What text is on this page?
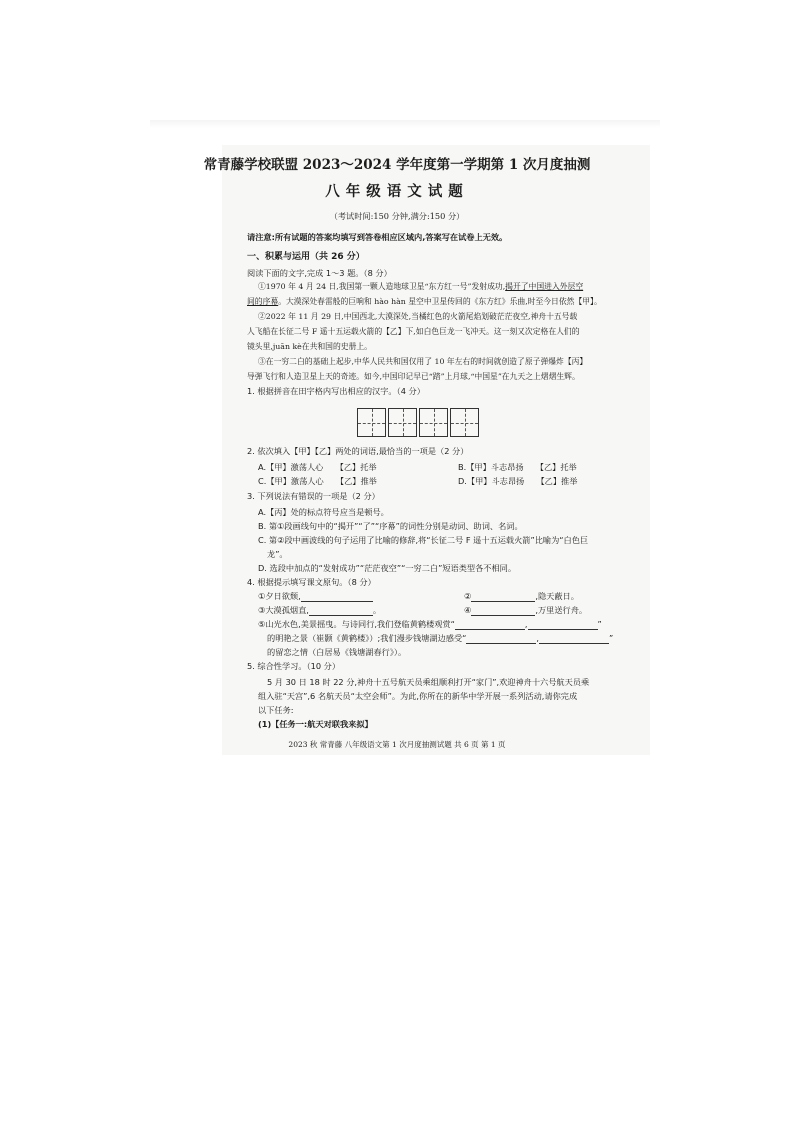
常青藤学校联盟 2023～2024 学年度第一学期第 1 次月度抽测
八年级语文试题
（考试时间:150 分钟,满分:150 分）
请注意:所有试题的答案均填写到答卷相应区域内,答案写在试卷上无效。
一、积累与运用（共 26 分）
阅读下面的文字,完成 1～3 题。（8 分）
①1970 年 4 月 24 日,我国第一颗人造地球卫星“东方红一号”发射成功,揭开了中国进入外层空
间的序幕。大漠深处春雷般的巨响和 hào hàn 星空中卫星传回的《东方红》乐曲,时至今日依然【甲】。
②2022 年 11 月 29 日,中国西北,大漠深处,当橘红色的火箭尾焰划破茫茫夜空,神舟十五号载
人飞船在长征二号 F 遥十五运载火箭的【乙】下,如白色巨龙一飞冲天。这一刻又次定格在人们的
镜头里,juān kè在共和国的史册上。
③在一穷二白的基础上起步,中华人民共和国仅用了 10 年左右的时间就创造了原子弹爆炸【丙】
导弹飞行和人造卫星上天的奇迹。如今,中国印记早已“踏”上月球,“中国星”在九天之上熠熠生辉。
1. 根据拼音在田字格内写出相应的汉字。（4 分）
2. 依次填入【甲】【乙】两处的词语,最恰当的一项是（2 分）
A.【甲】激荡人心　　【乙】托举	B.【甲】斗志昂扬　　【乙】托举
C.【甲】激荡人心　　【乙】推举	D.【甲】斗志昂扬　　【乙】推举
3. 下列说法有错误的一项是（2 分）
A.【丙】处的标点符号应当是顿号。
B. 第①段画线句中的“揭开”“了”“序幕”的词性分别是动词、助词、名词。
C. 第②段中画波线的句子运用了比喻的修辞,将“长征二号 F 遥十五运载火箭”比喻为“白色巨
龙”。
D. 选段中加点的“发射成功”“茫茫夜空”“一穷二白”短语类型各不相同。
4. 根据提示填写课文原句。（8 分）
①夕日欲颓,	②	,隐天蔽日。
③大漠孤烟直,	。	④	,万里送行舟。
⑤山光水色,美景摇曳。与诗同行,我们登临黄鹤楼观赏“	,	”
的明艳之景（崔颢《黄鹤楼》）;我们漫步钱塘湖边感受“	,	”
的留恋之情（白居易《钱塘湖春行》）。
5. 综合性学习。（10 分）
5 月 30 日 18 时 22 分,神舟十五号航天员乘组顺利打开“家门”,欢迎神舟十六号航天员乘
组入驻“天宫”,6 名航天员“太空会师”。为此,你所在的新华中学开展一系列活动,请你完成
以下任务:
(1)【任务一:航天对联我来拟】
2023 秋 常青藤 八年级语文第 1 次月度抽测试题 共 6 页 第 1 页
